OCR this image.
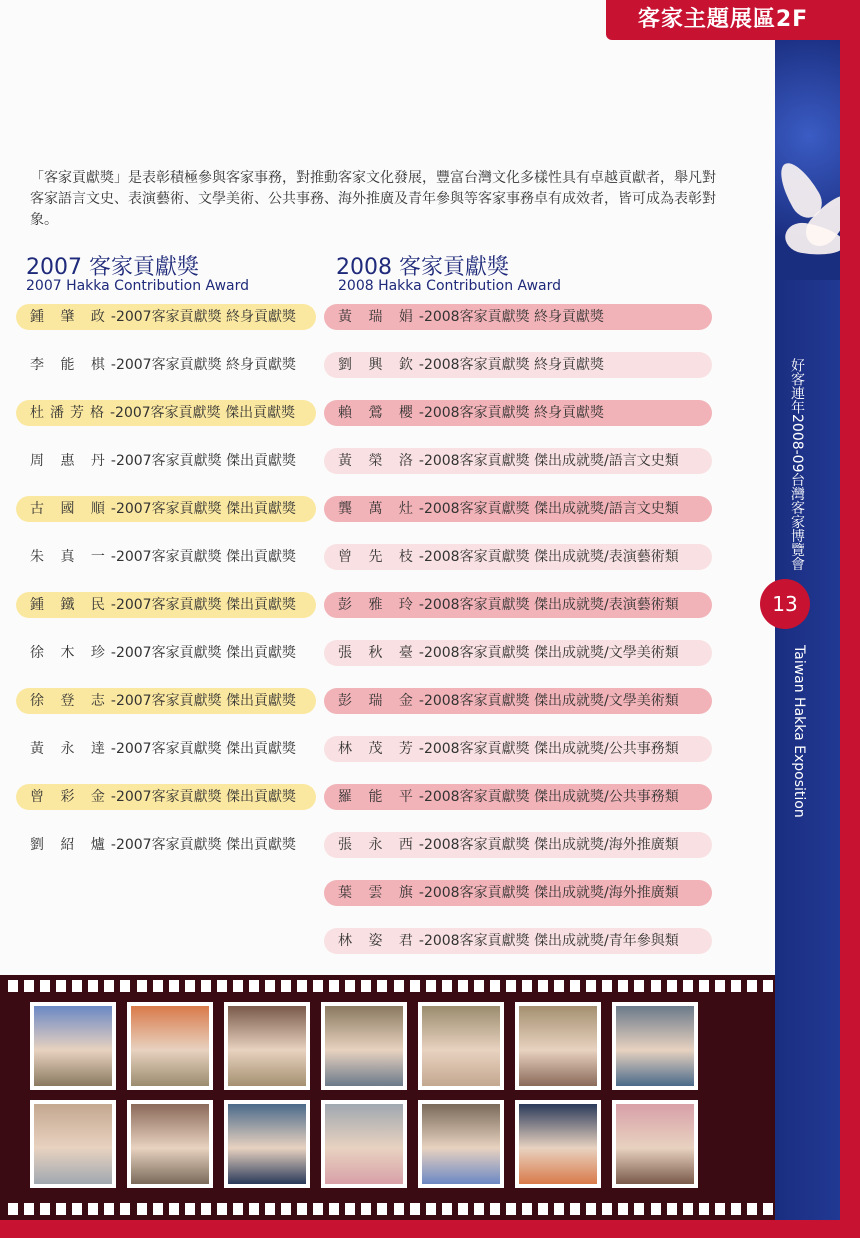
客家主題展區2F
好客連年2008-09台灣客家博覽會
13
Taiwan Hakka Exposition
「客家貢獻獎」是表彰積極參與客家事務，對推動客家文化發展，豐富台灣文化多樣性具有卓越貢獻者，舉凡對客家語言文史、表演藝術、文學美術、公共事務、海外推廣及青年參與等客家事務卓有成效者，皆可成為表彰對象。
2007 客家貢獻獎
2007 Hakka Contribution Award
2008 客家貢獻獎
2008 Hakka Contribution Award
鍾 肇 政-2007客家貢獻獎 終身貢獻獎
李 能 棋-2007客家貢獻獎 終身貢獻獎
杜潘芳格-2007客家貢獻獎 傑出貢獻獎
周 惠 丹-2007客家貢獻獎 傑出貢獻獎
古 國 順-2007客家貢獻獎 傑出貢獻獎
朱 真 一-2007客家貢獻獎 傑出貢獻獎
鍾 鐵 民-2007客家貢獻獎 傑出貢獻獎
徐 木 珍-2007客家貢獻獎 傑出貢獻獎
徐 登 志-2007客家貢獻獎 傑出貢獻獎
黃 永 達-2007客家貢獻獎 傑出貢獻獎
曾 彩 金-2007客家貢獻獎 傑出貢獻獎
劉 紹 爐-2007客家貢獻獎 傑出貢獻獎
黃 瑞 娟-2008客家貢獻獎 終身貢獻獎
劉 興 欽-2008客家貢獻獎 終身貢獻獎
賴 鶯 櫻-2008客家貢獻獎 終身貢獻獎
黃 榮 洛-2008客家貢獻獎 傑出成就獎/語言文史類
龔 萬 灶-2008客家貢獻獎 傑出成就獎/語言文史類
曾 先 枝-2008客家貢獻獎 傑出成就獎/表演藝術類
彭 雅 玲-2008客家貢獻獎 傑出成就獎/表演藝術類
張 秋 臺-2008客家貢獻獎 傑出成就獎/文學美術類
彭 瑞 金-2008客家貢獻獎 傑出成就獎/文學美術類
林 茂 芳-2008客家貢獻獎 傑出成就獎/公共事務類
羅 能 平-2008客家貢獻獎 傑出成就獎/公共事務類
張 永 西-2008客家貢獻獎 傑出成就獎/海外推廣類
葉 雲 旗-2008客家貢獻獎 傑出成就獎/海外推廣類
林 姿 君-2008客家貢獻獎 傑出成就獎/青年參與類
